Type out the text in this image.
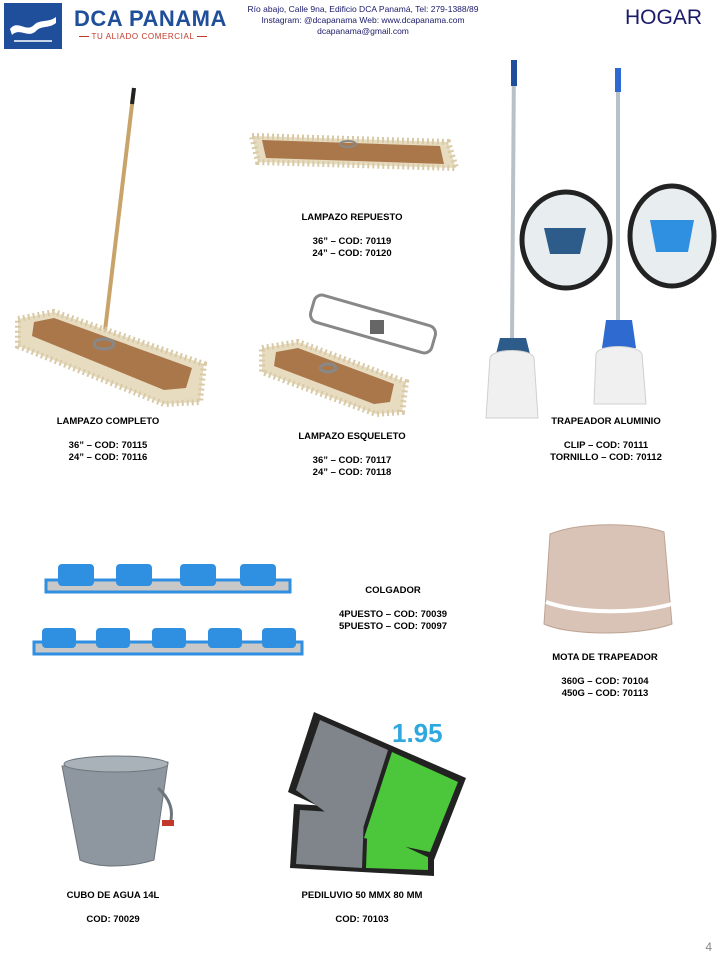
DCA PANAMA
TU ALIADO COMERCIAL
Río abajo, Calle 9na, Edificio DCA Panamá, Tel: 279-1388/89
Instagram: @dcapanama Web: www.dcapanama.com
dcapanama@gmail.com
HOGAR
1.95
LAMPAZO REPUESTO
36” – COD: 70119
24” – COD: 70120
LAMPAZO COMPLETO
36” – COD: 70115
24” – COD: 70116
LAMPAZO ESQUELETO
36” – COD: 70117
24” – COD: 70118
TRAPEADOR ALUMINIO
CLIP – COD: 70111
TORNILLO – COD: 70112
COLGADOR
4PUESTO – COD: 70039
5PUESTO – COD: 70097
MOTA DE TRAPEADOR
360G – COD: 70104
450G – COD: 70113
CUBO DE AGUA 14L
COD: 70029
PEDILUVIO 50 MMX 80 MM
COD: 70103
4
